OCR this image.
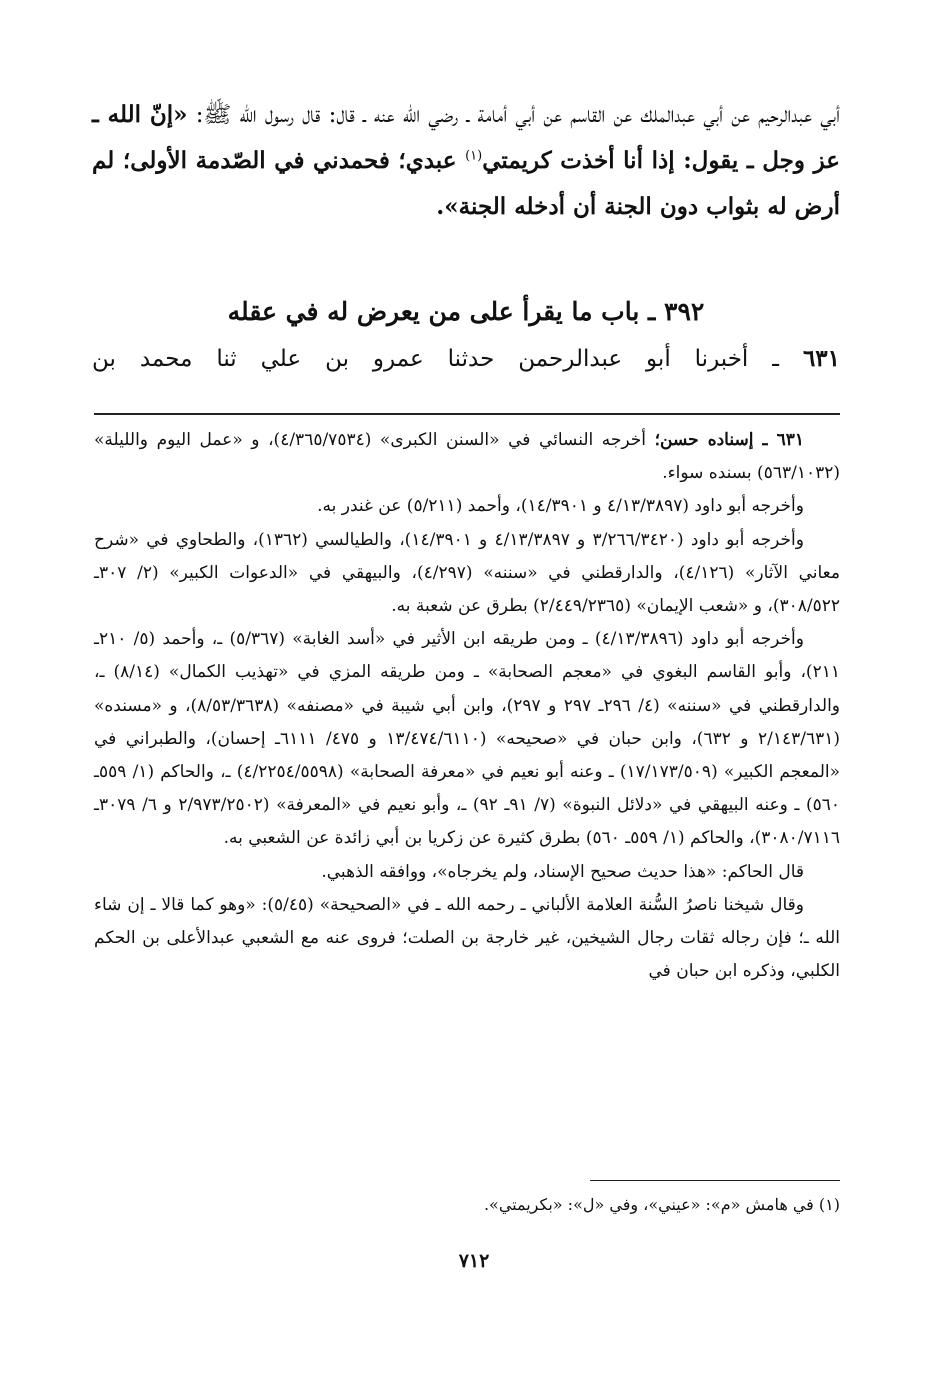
أبي عبدالرحيم عن أبي عبدالملك عن القاسم عن أبي أمامة ـ رضي الله عنه ـ قال: قال رسول الله ﷺ: «إنّ الله ـ عز وجل ـ يقول: إذا أنا أخذت كريمتي$^{(١)}$ عبدي؛ فحمدني في الصّدمة الأولى؛ لم أرض له بثواب دون الجنة أن أدخله الجنة».

٣٩٢ ـ باب ما يقرأ على من يعرض له في عقله

٦٣١ ـ أخبرنا أبو عبدالرحمن حدثنا عمرو بن علي ثنا محمد بن

٦٣١ ـ إسناده حسن؛ أخرجه النسائي في «السنن الكبرى» (٤/٣٦٥/٧٥٣٤)، و «عمل اليوم والليلة» (٥٦٣/١٠٣٢) بسنده سواء.

وأخرجه أبو داود (٤/١٣/٣٨٩٧ و ١٤/٣٩٠١)، وأحمد (٥/٢١١) عن غندر به.

وأخرجه أبو داود (٣/٢٦٦/٣٤٢٠ و ٤/١٣/٣٨٩٧ و ١٤/٣٩٠١)، والطيالسي (١٣٦٢)، والطحاوي في «شرح معاني الآثار» (٤/١٢٦)، والدارقطني في «سننه» (٤/٢٩٧)، والبيهقي في «الدعوات الكبير» (٢/ ٣٠٧ـ ٣٠٨/٥٢٢)، و «شعب الإيمان» (٢/٤٤٩/٢٣٦٥) بطرق عن شعبة به.

وأخرجه أبو داود (٤/١٣/٣٨٩٦) ـ ومن طريقه ابن الأثير في «أسد الغابة» (٥/٣٦٧) ـ، وأحمد (٥/ ٢١٠ـ ٢١١)، وأبو القاسم البغوي في «معجم الصحابة» ـ ومن طريقه المزي في «تهذيب الكمال» (٨/١٤) ـ، والدارقطني في «سننه» (٤/ ٢٩٦ـ ٢٩٧ و ٢٩٧)، وابن أبي شيبة في «مصنفه» (٨/٥٣/٣٦٣٨)، و «مسنده» (٢/١٤٣/٦٣١ و ٦٣٢)، وابن حبان في «صحيحه» (١٣/٤٧٤/٦١١٠ و ٤٧٥/ ٦١١١ـ إحسان)، والطبراني في «المعجم الكبير» (١٧/١٧٣/٥٠٩) ـ وعنه أبو نعيم في «معرفة الصحابة» (٤/٢٢٥٤/٥٥٩٨) ـ، والحاكم (١/ ٥٥٩ـ ٥٦٠) ـ وعنه البيهقي في «دلائل النبوة» (٧/ ٩١ـ ٩٢) ـ، وأبو نعيم في «المعرفة» (٢/٩٧٣/٢٥٠٢ و ٦/ ٣٠٧٩ـ ٣٠٨٠/٧١١٦)، والحاكم (١/ ٥٥٩ـ ٥٦٠) بطرق كثيرة عن زكريا بن أبي زائدة عن الشعبي به.

قال الحاكم: «هذا حديث صحيح الإسناد، ولم يخرجاه»، ووافقه الذهبي.

وقال شيخنا ناصرُ السُّنة العلامة الألباني ـ رحمه الله ـ في «الصحيحة» (٥/٤٥): «وهو كما قالا ـ إن شاء الله ـ؛ فإن رجاله ثقات رجال الشيخين، غير خارجة بن الصلت؛ فروى عنه مع الشعبي عبدالأعلى بن الحكم الكلبي، وذكره ابن حبان في

(١) في هامش «م»: «عيني»، وفي «ل»: «بكريمتي».

٧١٢
